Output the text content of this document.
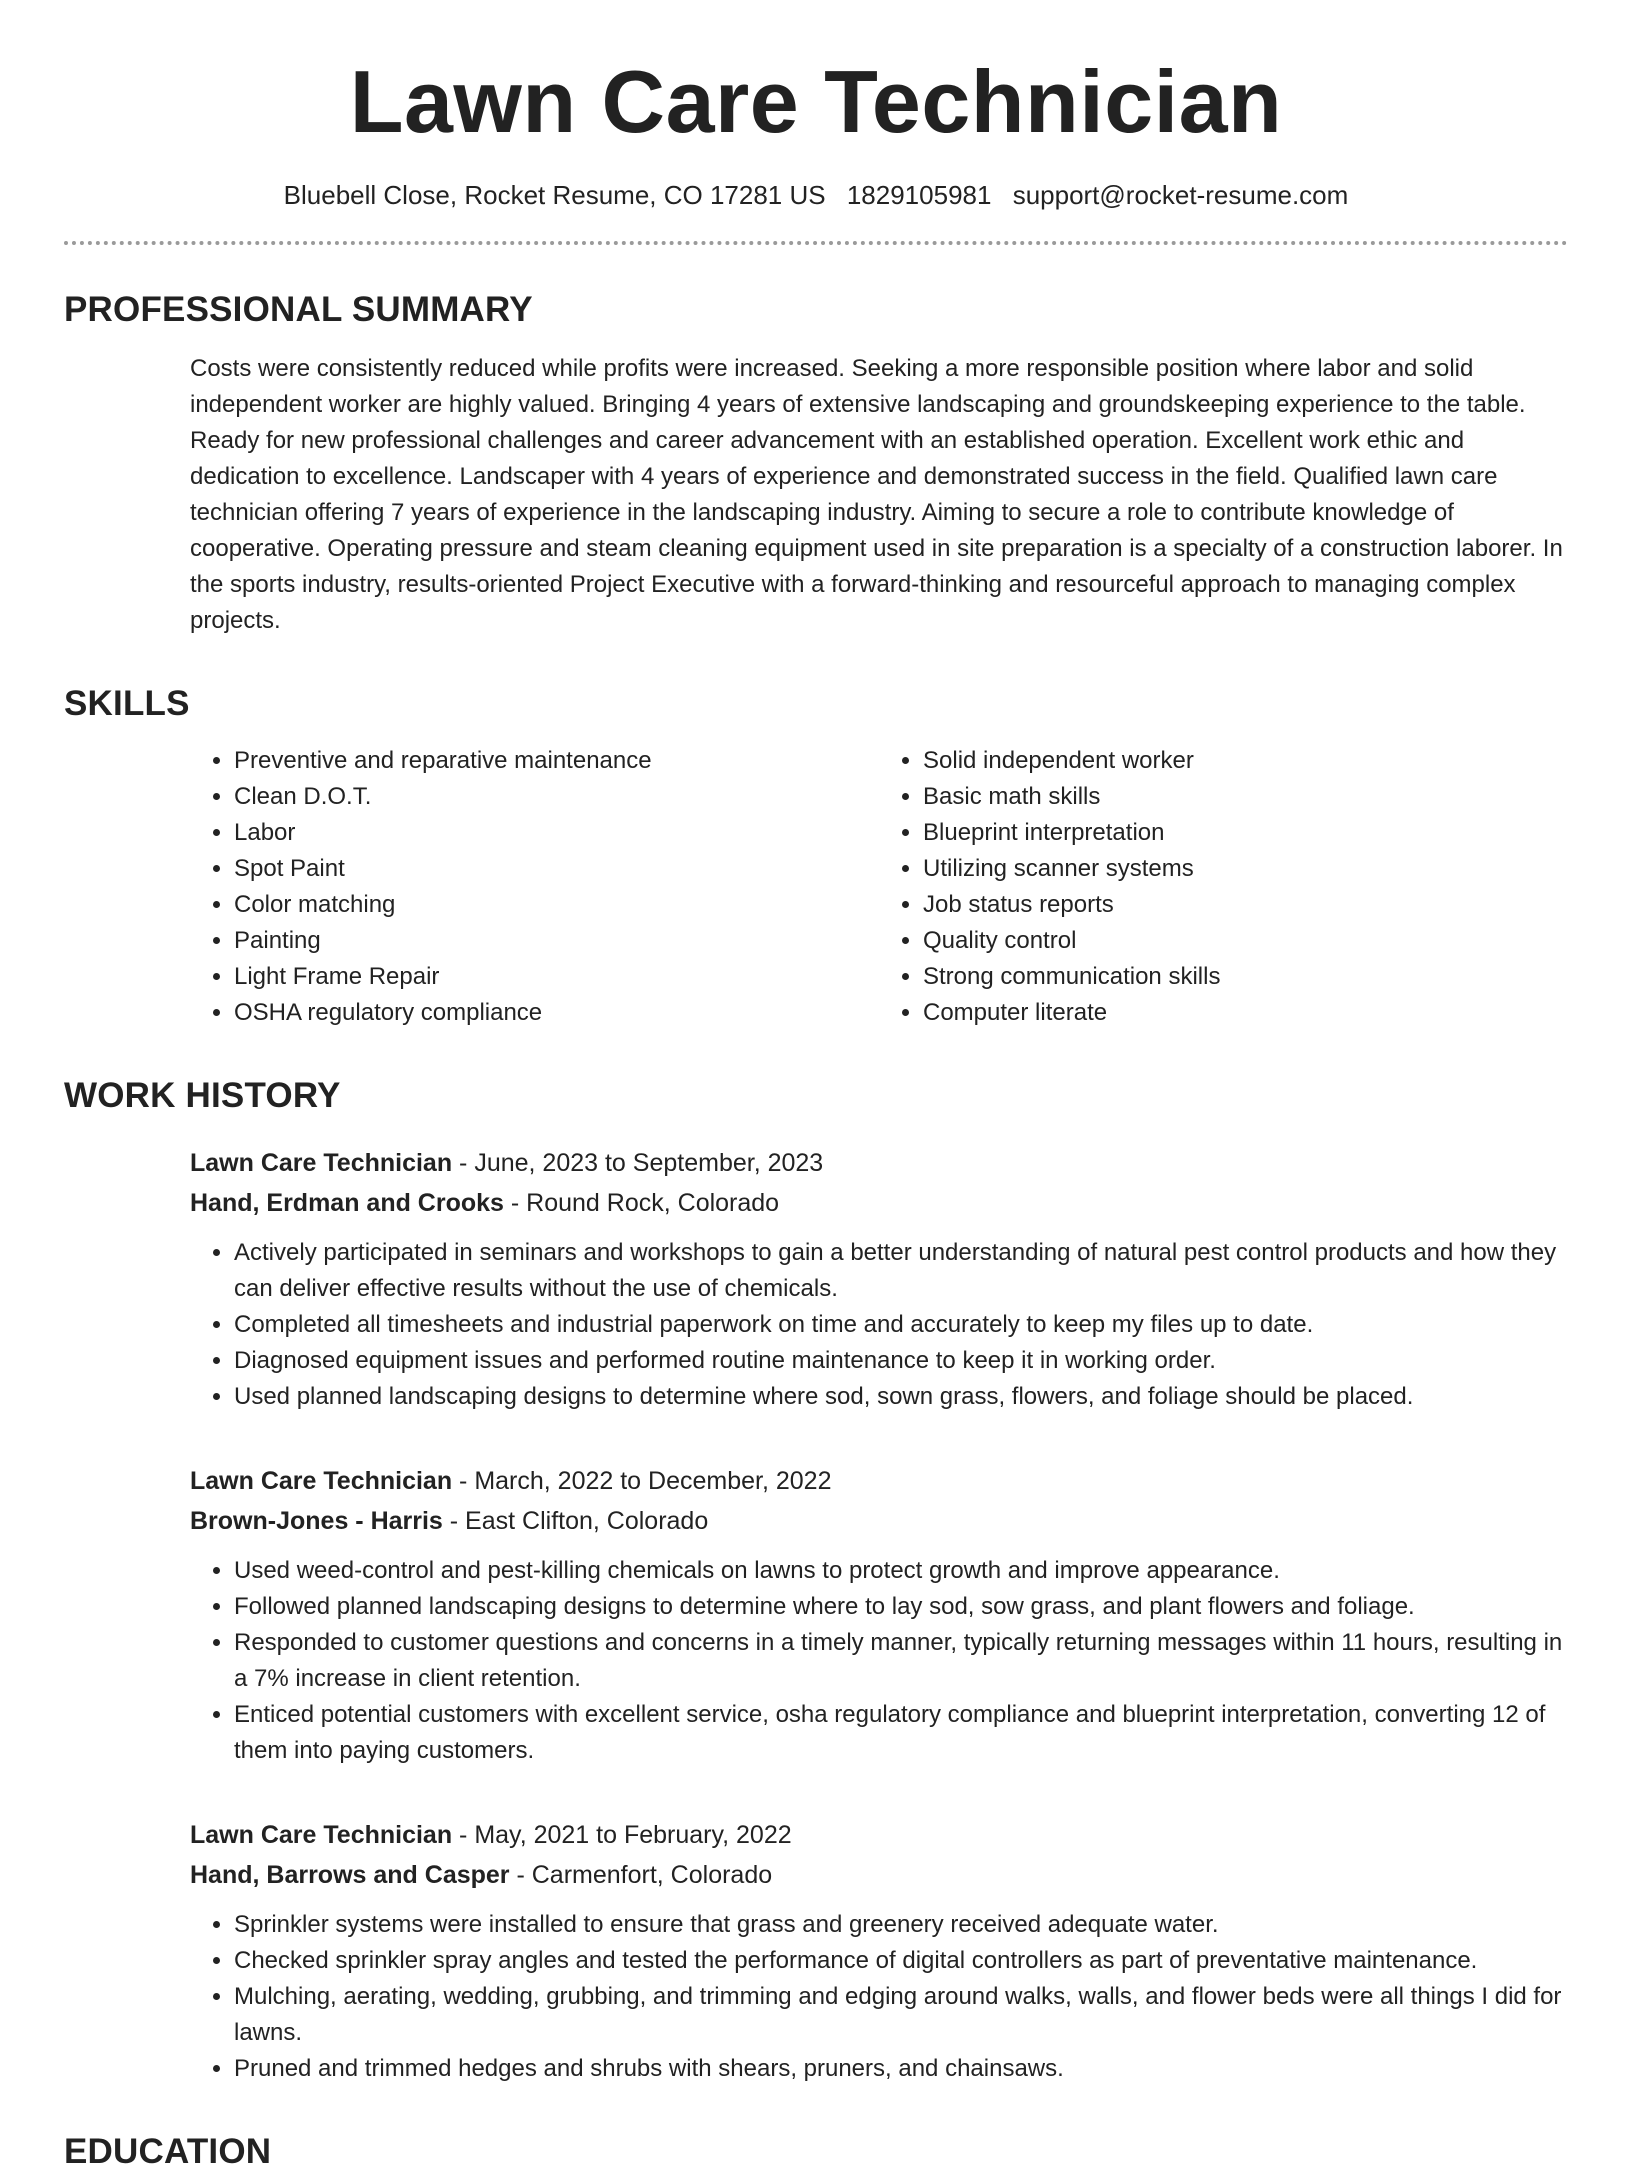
Lawn Care Technician
Bluebell Close, Rocket Resume, CO 17281 US 1829105981 support@rocket-resume.com
PROFESSIONAL SUMMARY

Costs were consistently reduced while profits were increased. Seeking a more responsible position where labor and solid independent worker are highly valued. Bringing 4 years of extensive landscaping and groundskeeping experience to the table. Ready for new professional challenges and career advancement with an established operation. Excellent work ethic and dedication to excellence. Landscaper with 4 years of experience and demonstrated success in the field. Qualified lawn care technician offering 7 years of experience in the landscaping industry. Aiming to secure a role to contribute knowledge of cooperative. Operating pressure and steam cleaning equipment used in site preparation is a specialty of a construction laborer. In the sports industry, results-oriented Project Executive with a forward-thinking and resourceful approach to managing complex projects.

SKILLS
• Preventive and reparative maintenance
• Clean D.O.T.
• Labor
• Spot Paint
• Color matching
• Painting
• Light Frame Repair
• OSHA regulatory compliance
• Solid independent worker
• Basic math skills
• Blueprint interpretation
• Utilizing scanner systems
• Job status reports
• Quality control
• Strong communication skills
• Computer literate
WORK HISTORY
Lawn Care Technician - June, 2023 to September, 2023
Hand, Erdman and Crooks - Round Rock, Colorado
• Actively participated in seminars and workshops to gain a better understanding of natural pest control products and how they can deliver effective results without the use of chemicals.
• Completed all timesheets and industrial paperwork on time and accurately to keep my files up to date.
• Diagnosed equipment issues and performed routine maintenance to keep it in working order.
• Used planned landscaping designs to determine where sod, sown grass, flowers, and foliage should be placed.
Lawn Care Technician - March, 2022 to December, 2022
Brown-Jones - Harris - East Clifton, Colorado
• Used weed-control and pest-killing chemicals on lawns to protect growth and improve appearance.
• Followed planned landscaping designs to determine where to lay sod, sow grass, and plant flowers and foliage.
• Responded to customer questions and concerns in a timely manner, typically returning messages within 11 hours, resulting in a 7% increase in client retention.
• Enticed potential customers with excellent service, osha regulatory compliance and blueprint interpretation, converting 12 of them into paying customers.
Lawn Care Technician - May, 2021 to February, 2022
Hand, Barrows and Casper - Carmenfort, Colorado
• Sprinkler systems were installed to ensure that grass and greenery received adequate water.
• Checked sprinkler spray angles and tested the performance of digital controllers as part of preventative maintenance.
• Mulching, aerating, wedding, grubbing, and trimming and edging around walks, walls, and flower beds were all things I did for lawns.
• Pruned and trimmed hedges and shrubs with shears, pruners, and chainsaws.
EDUCATION
